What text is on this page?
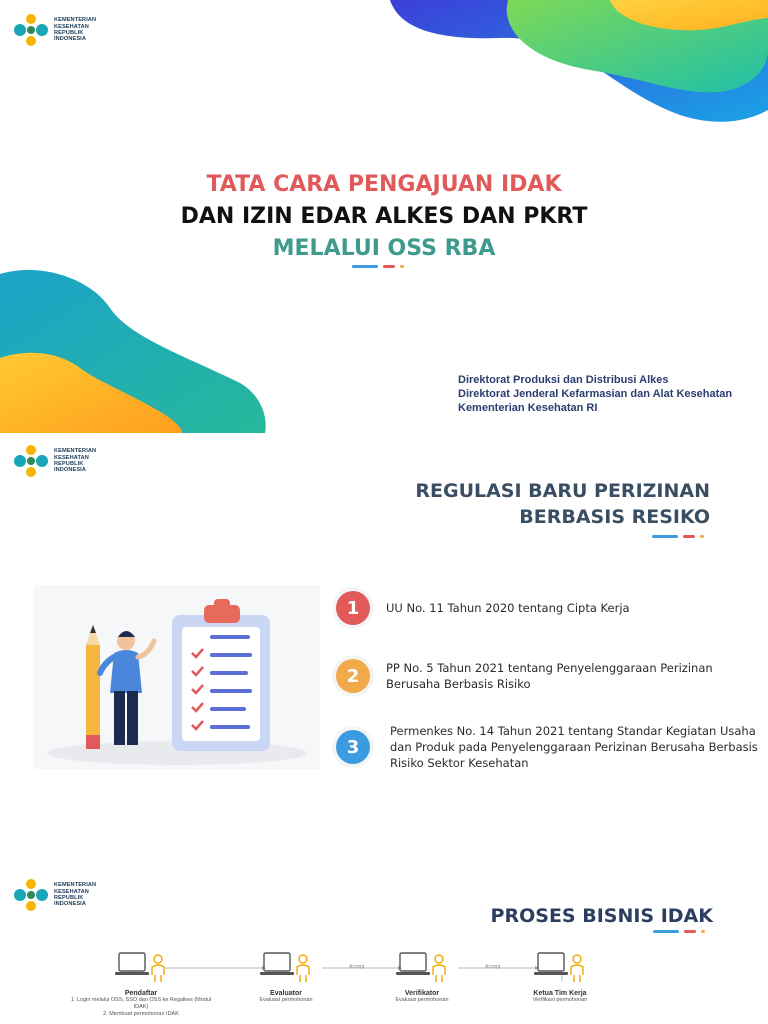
KEMENTERIAN
KESEHATAN
REPUBLIK
INDONESIA
TATA CARA PENGAJUAN IDAK
DAN IZIN EDAR ALKES DAN PKRT
MELALUI OSS RBA
Direktorat Produksi dan Distribusi Alkes
Direktorat Jenderal Kefarmasian dan Alat Kesehatan
Kementerian Kesehatan RI
KEMENTERIAN
KESEHATAN
REPUBLIK
INDONESIA
REGULASI BARU PERIZINAN
BERBASIS RESIKO
1	UU No. 11 Tahun 2020 tentang Cipta Kerja
2	PP No. 5 Tahun 2021 tentang Penyelenggaraan Perizinan Berusaha Berbasis Risiko
3
Permenkes No. 14 Tahun 2021 tentang Standar Kegiatan Usaha dan Produk pada Penyelenggaraan Perizinan Berusaha Berbasis Risiko Sektor Kesehatan
KEMENTERIAN
KESEHATAN
REPUBLIK
INDONESIA
PROSES BISNIS IDAK
Accept	Accept
Pendaftar
1. Login melalui OSS, SSO dan OSS ke Regalkes (Modul
IDAK)
2. Membuat permohonan IDAK
Evaluator
Evaluasi permohonan
Verifikator
Evaluasi permohonan
Ketua Tim Kerja
Verifikasi permohonan
